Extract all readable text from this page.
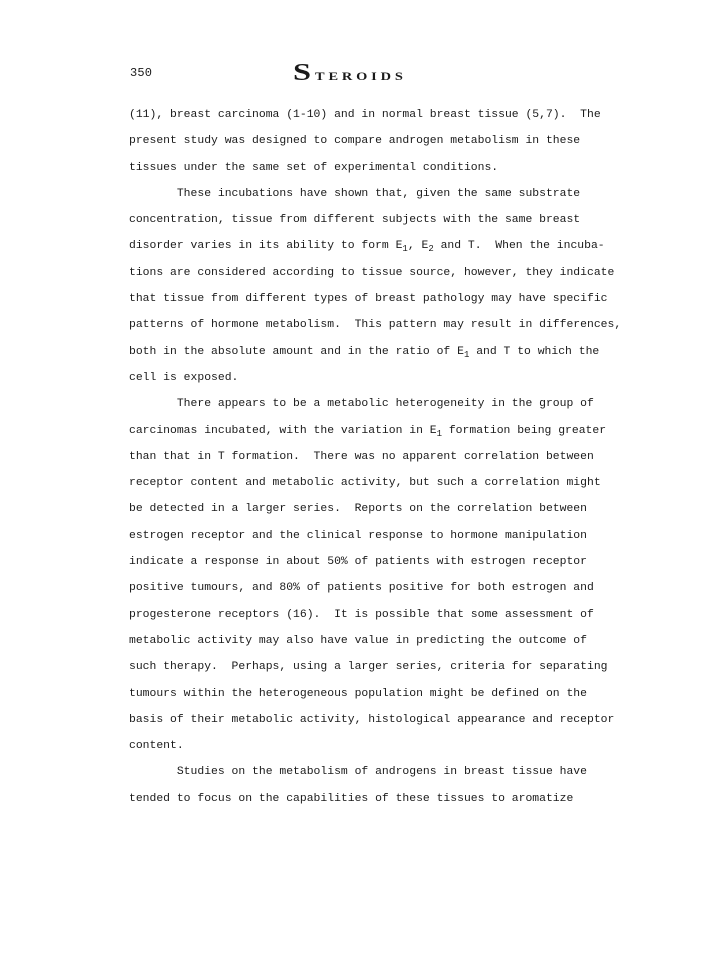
350	S TEROIDS
(11), breast carcinoma (1-10) and in normal breast tissue (5,7).  The
present study was designed to compare androgen metabolism in these
tissues under the same set of experimental conditions.
These incubations have shown that, given the same substrate
concentration, tissue from different subjects with the same breast
disorder varies in its ability to form $E_1$, $E_2$ and T.  When the incuba-
tions are considered according to tissue source, however, they indicate
that tissue from different types of breast pathology may have specific
patterns of hormone metabolism.  This pattern may result in differences,
both in the absolute amount and in the ratio of $E_1$ and T to which the
cell is exposed.
There appears to be a metabolic heterogeneity in the group of
carcinomas incubated, with the variation in $E_1$ formation being greater
than that in T formation.  There was no apparent correlation between
receptor content and metabolic activity, but such a correlation might
be detected in a larger series.  Reports on the correlation between
estrogen receptor and the clinical response to hormone manipulation
indicate a response in about 50% of patients with estrogen receptor
positive tumours, and 80% of patients positive for both estrogen and
progesterone receptors (16).  It is possible that some assessment of
metabolic activity may also have value in predicting the outcome of
such therapy.  Perhaps, using a larger series, criteria for separating
tumours within the heterogeneous population might be defined on the
basis of their metabolic activity, histological appearance and receptor
content.
Studies on the metabolism of androgens in breast tissue have
tended to focus on the capabilities of these tissues to aromatize
